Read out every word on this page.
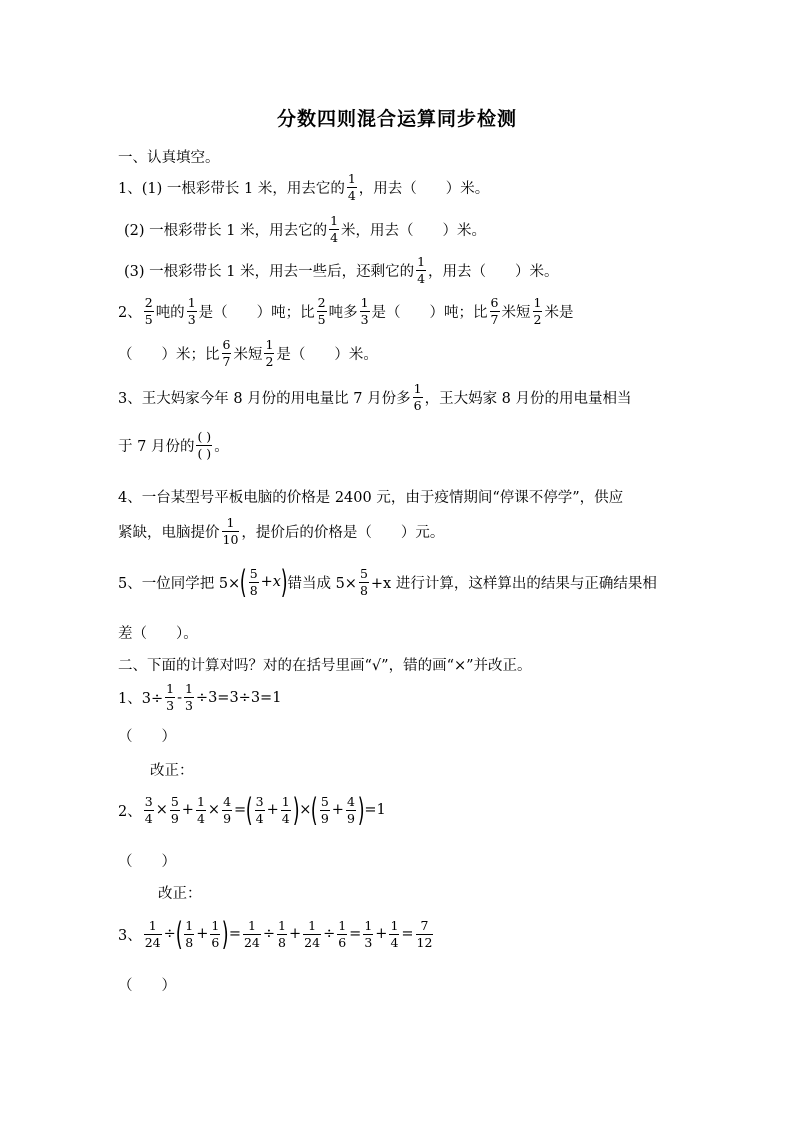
分数四则混合运算同步检测
一、认真填空。
1、(1) 一根彩带长 1 米，用去它的 $\frac{1}{4}$ ，用去（　　）米。
(2) 一根彩带长 1 米，用去它的 $\frac{1}{4}$ 米，用去（　　）米。
(3) 一根彩带长 1 米，用去一些后，还剩它的 $\frac{1}{4}$ ，用去（　　）米。
2、 $\frac{2}{5}$ 吨的 $\frac{1}{3}$ 是（　　）吨；比 $\frac{2}{5}$ 吨多 $\frac{1}{3}$ 是（　　）吨；比 $\frac{6}{7}$ 米短 $\frac{1}{2}$ 米是
（　　）米；比 $\frac{6}{7}$ 米短 $\frac{1}{2}$ 是（　　）米。
3、王大妈家今年 8 月份的用电量比 7 月份多 $\frac{1}{6}$ ，王大妈家 8 月份的用电量相当
于 7 月份的 $\frac{( )}{( )}$ 。
4、一台某型号平板电脑的价格是 2400 元，由于疫情期间“停课不停学”，供应
紧缺，电脑提价 $\frac{1}{10}$ ，提价后的价格是（　　）元。
5、一位同学把 5× ( $\frac{5}{8} +x$ ) 错当成 $5\times \frac{5}{8} +x$ 进行计算，这样算出的结果与正确结果相
差（　　）。
二、下面的计算对吗？对的在括号里画“√”，错的画“×”并改正。
1、$3\div \frac{1}{3} - \frac{1}{3} \div 3=3\div 3=1$
（　　）
改正：
2、 $\frac{3}{4} \times \frac{5}{9} + \frac{1}{4} \times \frac{4}{9}$ = ( $\frac{3}{4} + \frac{1}{4}$ ) × ( $\frac{5}{9} + \frac{4}{9}$ ) =1
（　　）
改正：
3、 $\frac{1}{24}$ ÷ ( $\frac{1}{8} + \frac{1}{6}$ ) = $\frac{1}{24} \div \frac{1}{8} + \frac{1}{24} \div \frac{1}{6} = \frac{1}{3} + \frac{1}{4} = \frac{7}{12}$
（　　）
